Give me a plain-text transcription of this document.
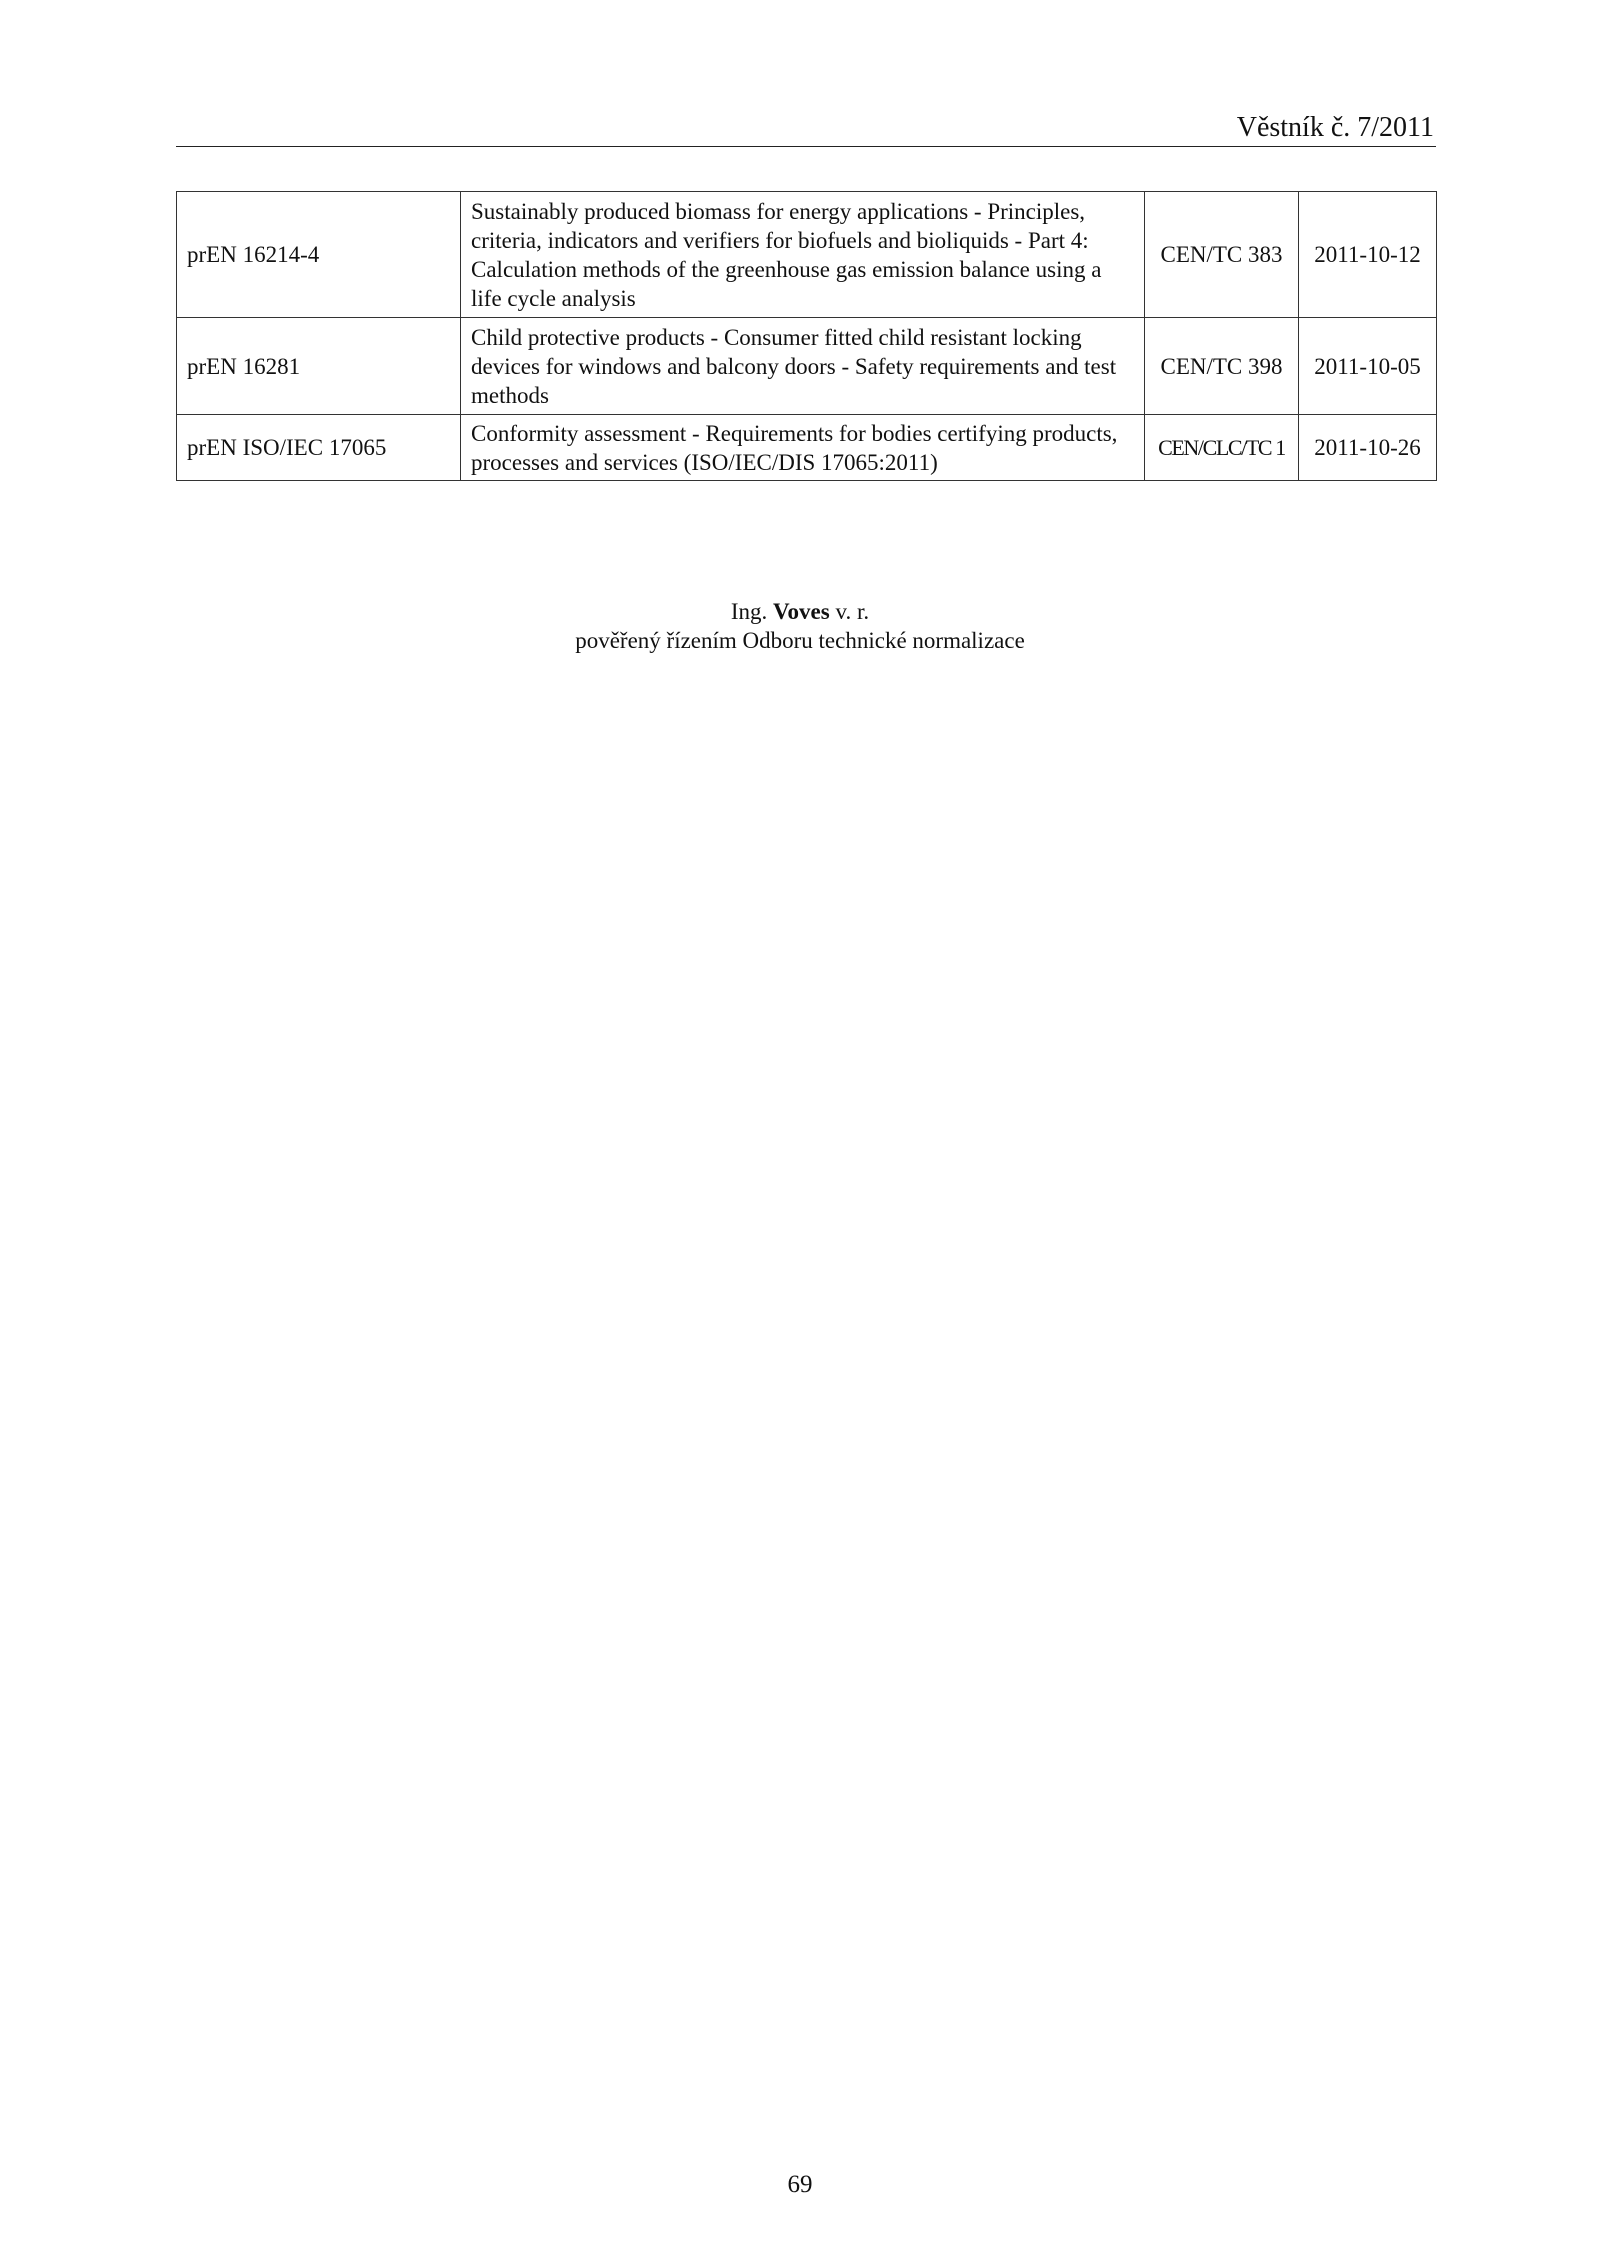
Věstník č. 7/2011
prEN 16214-4	Sustainably produced biomass for energy applications - Principles, criteria, indicators and verifiers for biofuels and bioliquids - Part 4: Calculation methods of the greenhouse gas emission balance using a life cycle analysis	CEN/TC 383	2011-10-12
prEN 16281	Child protective products - Consumer fitted child resistant locking devices for windows and balcony doors - Safety requirements and test methods	CEN/TC 398	2011-10-05
prEN ISO/IEC 17065	Conformity assessment - Requirements for bodies certifying products, processes and services (ISO/IEC/DIS 17065:2011)	CEN/CLC/TC 1	2011-10-26
Ing. Voves v. r.
pověřený řízením Odboru technické normalizace
69
